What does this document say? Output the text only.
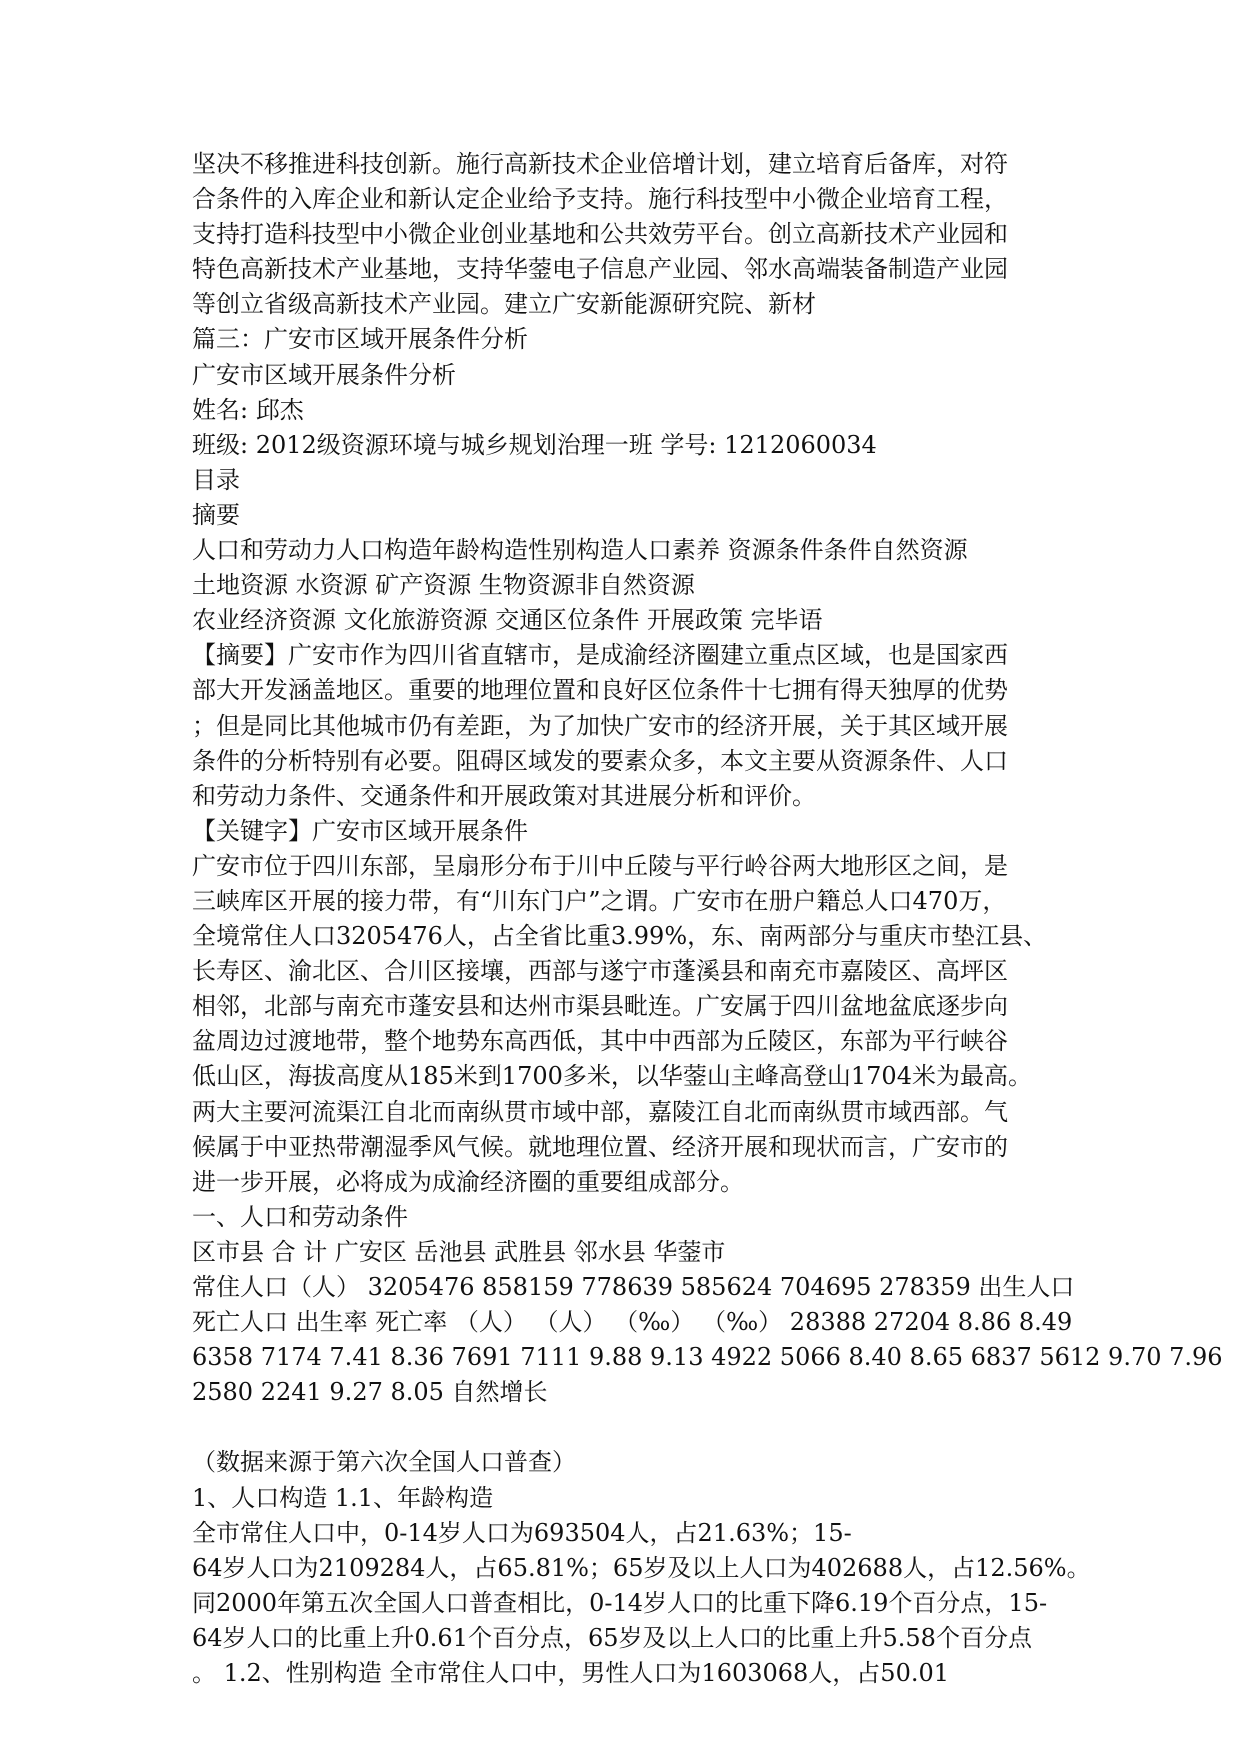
坚决不移推进科技创新。施行高新技术企业倍增计划，建立培育后备库，对符
合条件的入库企业和新认定企业给予支持。施行科技型中小微企业培育工程，
支持打造科技型中小微企业创业基地和公共效劳平台。创立高新技术产业园和
特色高新技术产业基地，支持华蓥电子信息产业园、邻水高端装备制造产业园
等创立省级高新技术产业园。建立广安新能源研究院、新材
篇三：广安市区域开展条件分析
广安市区域开展条件分析
姓名: 邱杰
班级: 2012级资源环境与城乡规划治理一班 学号: 1212060034
目录
摘要
人口和劳动力人口构造年龄构造性别构造人口素养 资源条件条件自然资源
土地资源 水资源 矿产资源 生物资源非自然资源
农业经济资源 文化旅游资源 交通区位条件 开展政策 完毕语
【摘要】广安市作为四川省直辖市，是成渝经济圈建立重点区域，也是国家西
部大开发涵盖地区。重要的地理位置和良好区位条件十七拥有得天独厚的优势
；但是同比其他城市仍有差距，为了加快广安市的经济开展，关于其区域开展
条件的分析特别有必要。阻碍区域发的要素众多，本文主要从资源条件、人口
和劳动力条件、交通条件和开展政策对其进展分析和评价。
【关键字】广安市区域开展条件
广安市位于四川东部，呈扇形分布于川中丘陵与平行岭谷两大地形区之间，是
三峡库区开展的接力带，有“川东门户”之谓。广安市在册户籍总人口470万，
全境常住人口3205476人，占全省比重3.99%，东、南两部分与重庆市垫江县、
长寿区、渝北区、合川区接壤，西部与遂宁市蓬溪县和南充市嘉陵区、高坪区
相邻，北部与南充市蓬安县和达州市渠县毗连。广安属于四川盆地盆底逐步向
盆周边过渡地带，整个地势东高西低，其中中西部为丘陵区，东部为平行峡谷
低山区，海拔高度从185米到1700多米，以华蓥山主峰高登山1704米为最高。
两大主要河流渠江自北而南纵贯市域中部，嘉陵江自北而南纵贯市域西部。气
候属于中亚热带潮湿季风气候。就地理位置、经济开展和现状而言，广安市的
进一步开展，必将成为成渝经济圈的重要组成部分。
一、人口和劳动条件
区市县 合 计 广安区 岳池县 武胜县 邻水县 华蓥市
常住人口（人） 3205476 858159 778639 585624 704695 278359 出生人口
死亡人口 出生率 死亡率 （人） （人） （‰） （‰） 28388 27204 8.86 8.49
6358 7174 7.41 8.36 7691 7111 9.88 9.13 4922 5066 8.40 8.65 6837 5612 9.70 7.96
2580 2241 9.27 8.05 自然增长
（数据来源于第六次全国人口普查）
1、人口构造 1.1、年龄构造
全市常住人口中，0-14岁人口为693504人，占21.63%；15-
64岁人口为2109284人，占65.81%；65岁及以上人口为402688人，占12.56%。
同2000年第五次全国人口普查相比，0-14岁人口的比重下降6.19个百分点，15-
64岁人口的比重上升0.61个百分点，65岁及以上人口的比重上升5.58个百分点
。 1.2、性别构造 全市常住人口中，男性人口为1603068人，占50.01
